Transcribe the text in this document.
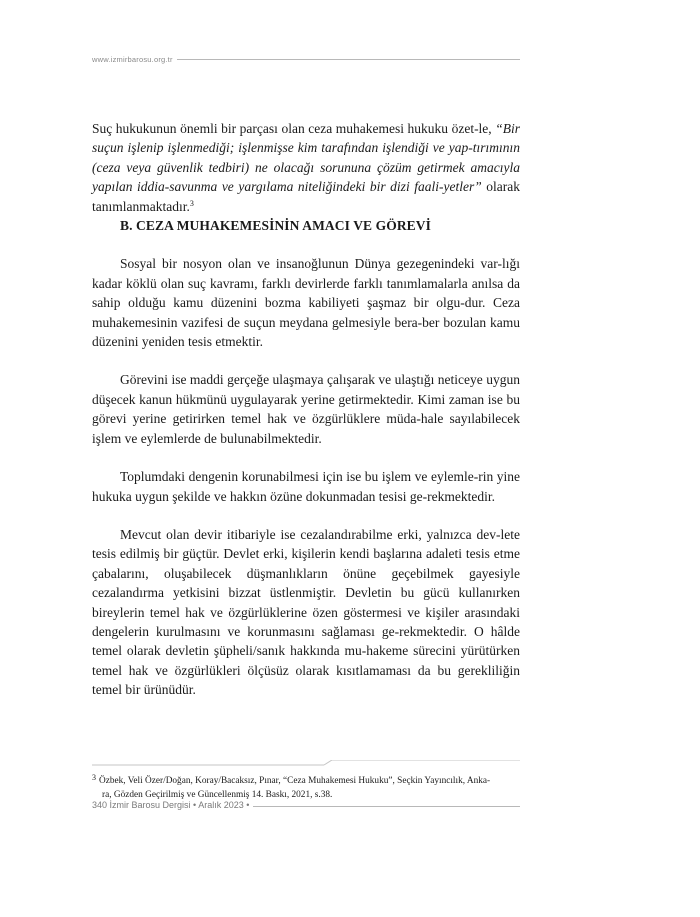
www.izmirbarosu.org.tr

Suç hukukunun önemli bir parçası olan ceza muhakemesi hukuku özet-le, “Bir suçun işlenip işlenmediği; işlenmişse kim tarafından işlendiği ve yap-tırımının (ceza veya güvenlik tedbiri) ne olacağı sorununa çözüm getirmek amacıyla yapılan iddia-savunma ve yargılama niteliğindeki bir dizi faali-yetler” olarak tanımlanmaktadır.$^3$

B. CEZA MUHAKEMESİNİN AMACI VE GÖREVİ

Sosyal bir nosyon olan ve insanoğlunun Dünya gezegenindeki var-lığı kadar köklü olan suç kavramı, farklı devirlerde farklı tanımlamalarla anılsa da sahip olduğu kamu düzenini bozma kabiliyeti şaşmaz bir olgu-dur. Ceza muhakemesinin vazifesi de suçun meydana gelmesiyle bera-ber bozulan kamu düzenini yeniden tesis etmektir.

Görevini ise maddi gerçeğe ulaşmaya çalışarak ve ulaştığı neticeye uygun düşecek kanun hükmünü uygulayarak yerine getirmektedir. Kimi zaman ise bu görevi yerine getirirken temel hak ve özgürlüklere müda-hale sayılabilecek işlem ve eylemlerde de bulunabilmektedir.

Toplumdaki dengenin korunabilmesi için ise bu işlem ve eylemle-rin yine hukuka uygun şekilde ve hakkın özüne dokunmadan tesisi ge-rekmektedir.

Mevcut olan devir itibariyle ise cezalandırabilme erki, yalnızca dev-lete tesis edilmiş bir güçtür. Devlet erki, kişilerin kendi başlarına adaleti tesis etme çabalarını, oluşabilecek düşmanlıkların önüne geçebilmek gayesiyle cezalandırma yetkisini bizzat üstlenmiştir. Devletin bu gücü kullanırken bireylerin temel hak ve özgürlüklerine özen göstermesi ve kişiler arasındaki dengelerin kurulmasını ve korunmasını sağlaması ge-rekmektedir. O hâlde temel olarak devletin şüpheli/sanık hakkında mu-hakeme sürecini yürütürken temel hak ve özgürlükleri ölçüsüz olarak kısıtlamaması da bu gerekliliğin temel bir ürünüdür.

3 Özbek, Veli Özer/Doğan, Koray/Bacaksız, Pınar, “Ceza Muhakemesi Hukuku”, Seçkin Yayıncılık, Anka-
ra, Gözden Geçirilmiş ve Güncellenmiş 14. Baskı, 2021, s.38.
340 İzmir Barosu Dergisi • Aralık 2023 •
